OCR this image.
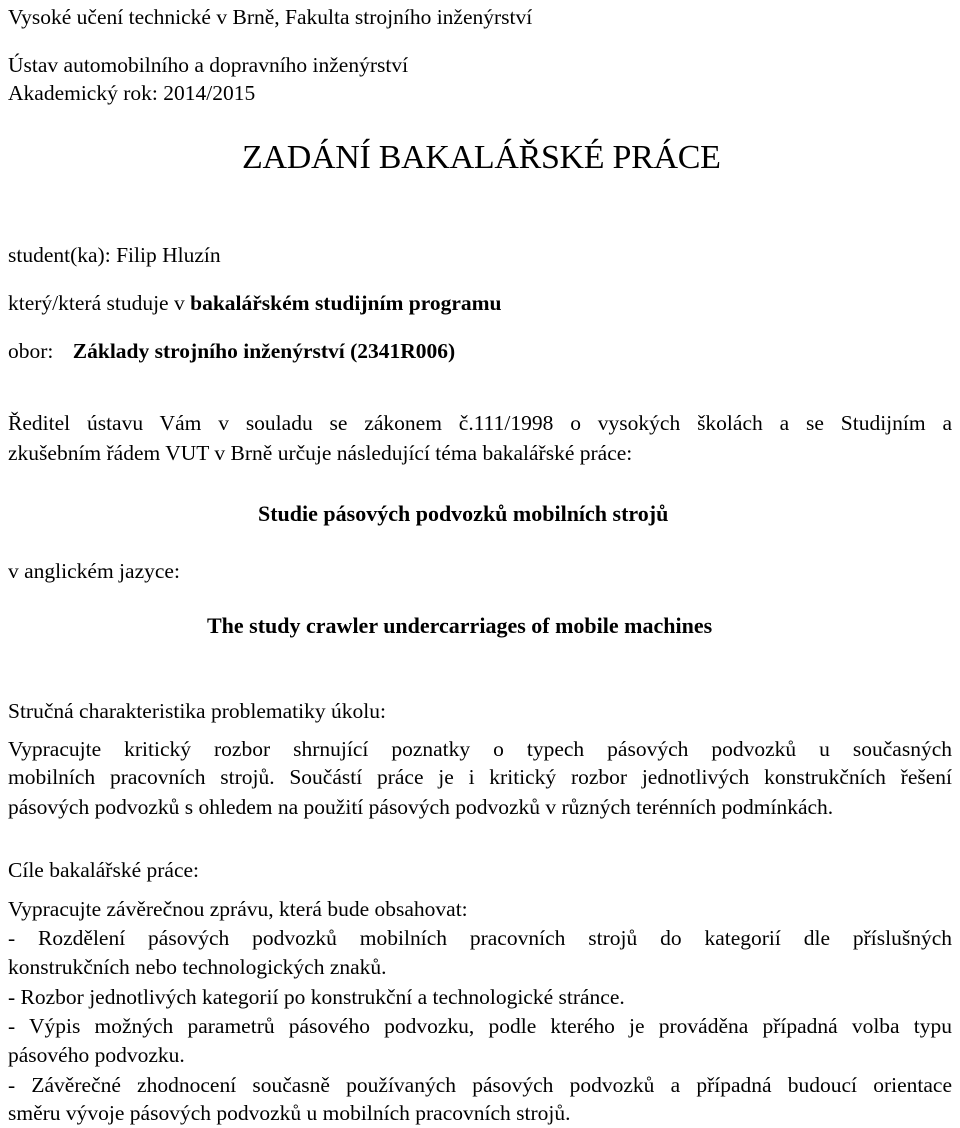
Vysoké učení technické v Brně, Fakulta strojního inženýrství
Ústav automobilního a dopravního inženýrství
Akademický rok: 2014/2015
ZADÁNÍ BAKALÁŘSKÉ PRÁCE
student(ka): Filip Hluzín
který/která studuje v bakalářském studijním programu
obor: Základy strojního inženýrství (2341R006)
Ředitel ústavu Vám v souladu se zákonem č.111/1998 o vysokých školách a se Studijním a
zkušebním řádem VUT v Brně určuje následující téma bakalářské práce:
Studie pásových podvozků mobilních strojů
v anglickém jazyce:
The study crawler undercarriages of mobile machines
Stručná charakteristika problematiky úkolu:
Vypracujte kritický rozbor shrnující poznatky o typech pásových podvozků u současných
mobilních pracovních strojů. Součástí práce je i kritický rozbor jednotlivých konstrukčních řešení
pásových podvozků s ohledem na použití pásových podvozků v různých terénních podmínkách.
Cíle bakalářské práce:
Vypracujte závěrečnou zprávu, která bude obsahovat:
- Rozdělení pásových podvozků mobilních pracovních strojů do kategorií dle příslušných
konstrukčních nebo technologických znaků.
- Rozbor jednotlivých kategorií po konstrukční a technologické stránce.
- Výpis možných parametrů pásového podvozku, podle kterého je prováděna případná volba typu
pásového podvozku.
- Závěrečné zhodnocení současně používaných pásových podvozků a případná budoucí orientace
směru vývoje pásových podvozků u mobilních pracovních strojů.
